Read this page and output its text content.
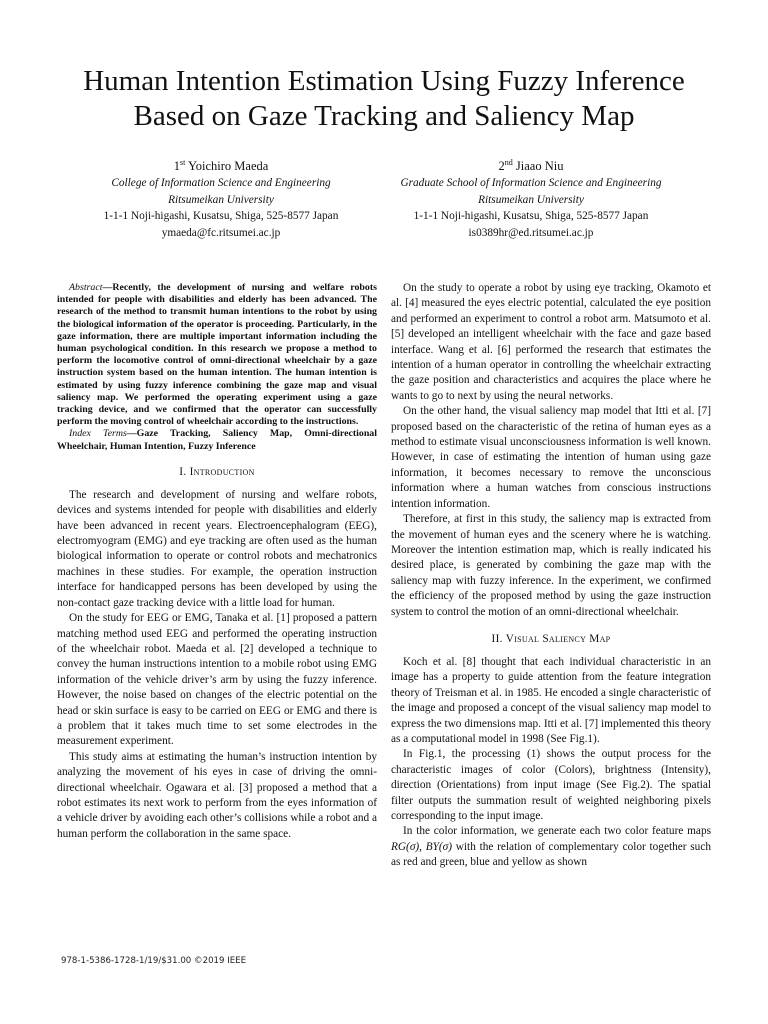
Human Intention Estimation Using Fuzzy Inference
Based on Gaze Tracking and Saliency Map
1st Yoichiro Maeda
College of Information Science and Engineering
Ritsumeikan University
1-1-1 Noji-higashi, Kusatsu, Shiga, 525-8577 Japan
ymaeda@fc.ritsumei.ac.jp
2nd Jiaao Niu
Graduate School of Information Science and Engineering
Ritsumeikan University
1-1-1 Noji-higashi, Kusatsu, Shiga, 525-8577 Japan
is0389hr@ed.ritsumei.ac.jp

Abstract—Recently, the development of nursing and welfare robots intended for people with disabilities and elderly has been advanced. The research of the method to transmit human intentions to the robot by using the biological information of the operator is proceeding. Particularly, in the gaze information, there are multiple important information including the human psychological condition. In this research we propose a method to perform the locomotive control of omni-directional wheelchair by a gaze instruction system based on the human intention. The human intention is estimated by using fuzzy inference combining the gaze map and visual saliency map. We performed the operating experiment using a gaze tracking device, and we confirmed that the operator can successfully perform the moving control of wheelchair according to the instructions.

Index Terms—Gaze Tracking, Saliency Map, Omni-directional Wheelchair, Human Intention, Fuzzy Inference

I. Introduction

The research and development of nursing and welfare robots, devices and systems intended for people with disabilities and elderly have been advanced in recent years. Electroencephalogram (EEG), electromyogram (EMG) and eye tracking are often used as the human biological information to operate or control robots and mechatronics machines in these studies. For example, the operation instruction interface for handicapped persons has been developed by using the non-contact gaze tracking device with a little load for human.

On the study for EEG or EMG, Tanaka et al. [1] proposed a pattern matching method used EEG and performed the operating instruction of the wheelchair robot. Maeda et al. [2] developed a technique to convey the human instructions intention to a mobile robot using EMG information of the vehicle driver’s arm by using the fuzzy inference. However, the noise based on changes of the electric potential on the head or skin surface is easy to be carried on EEG or EMG and there is a problem that it takes much time to set some electrodes in the measurement experiment.

This study aims at estimating the human’s instruction intention by analyzing the movement of his eyes in case of driving the omni-directional wheelchair. Ogawara et al. [3] proposed a method that a robot estimates its next work to perform from the eyes information of a vehicle driver by avoiding each other’s collisions while a robot and a human perform the collaboration in the same space.

On the study to operate a robot by using eye tracking, Okamoto et al. [4] measured the eyes electric potential, calculated the eye position and performed an experiment to control a robot arm. Matsumoto et al. [5] developed an intelligent wheelchair with the face and gaze based interface. Wang et al. [6] performed the research that estimates the intention of a human operator in controlling the wheelchair extracting the gaze position and characteristics and acquires the place where he wants to go to next by using the neural networks.

On the other hand, the visual saliency map model that Itti et al. [7] proposed based on the characteristic of the retina of human eyes as a method to estimate visual unconsciousness information is well known. However, in case of estimating the intention of human using gaze information, it becomes necessary to remove the unconscious information where a human watches from conscious instructions intention information.

Therefore, at first in this study, the saliency map is extracted from the movement of human eyes and the scenery where he is watching. Moreover the intention estimation map, which is really indicated his desired place, is generated by combining the gaze map with the saliency map with fuzzy inference. In the experiment, we confirmed the efficiency of the proposed method by using the gaze instruction system to control the motion of an omni-directional wheelchair.

II. Visual Saliency Map

Koch et al. [8] thought that each individual characteristic in an image has a property to guide attention from the feature integration theory of Treisman et al. in 1985. He encoded a single characteristic of the image and proposed a concept of the visual saliency map model to express the two dimensions map. Itti et al. [7] implemented this theory as a computational model in 1998 (See Fig.1).

In Fig.1, the processing (1) shows the output process for the characteristic images of color (Colors), brightness (Intensity), direction (Orientations) from input image (See Fig.2). The spatial filter outputs the summation result of weighted neighboring pixels corresponding to the input image.

In the color information, we generate each two color feature maps RG(σ), BY(σ) with the relation of complementary color together such as red and green, blue and yellow as shown

978-1-5386-1728-1/19/$31.00 ©2019 IEEE
